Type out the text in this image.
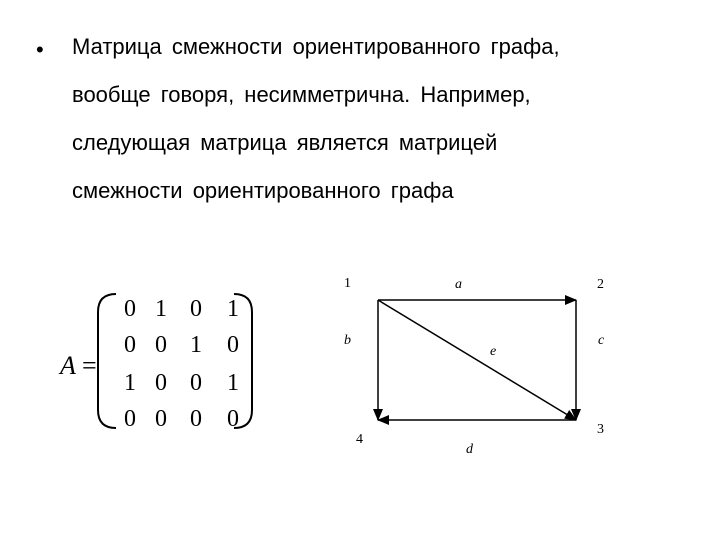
• Матрица смежности ориентированного графа,
вообще говоря, несимметрична. Например,
следующая матрица является матрицей
смежности ориентированного графа
A =
0 1 0 1
0 0 1 0
1 0 0 1
0 0 0 0
1	2
3
4
a
b	c
d
e
